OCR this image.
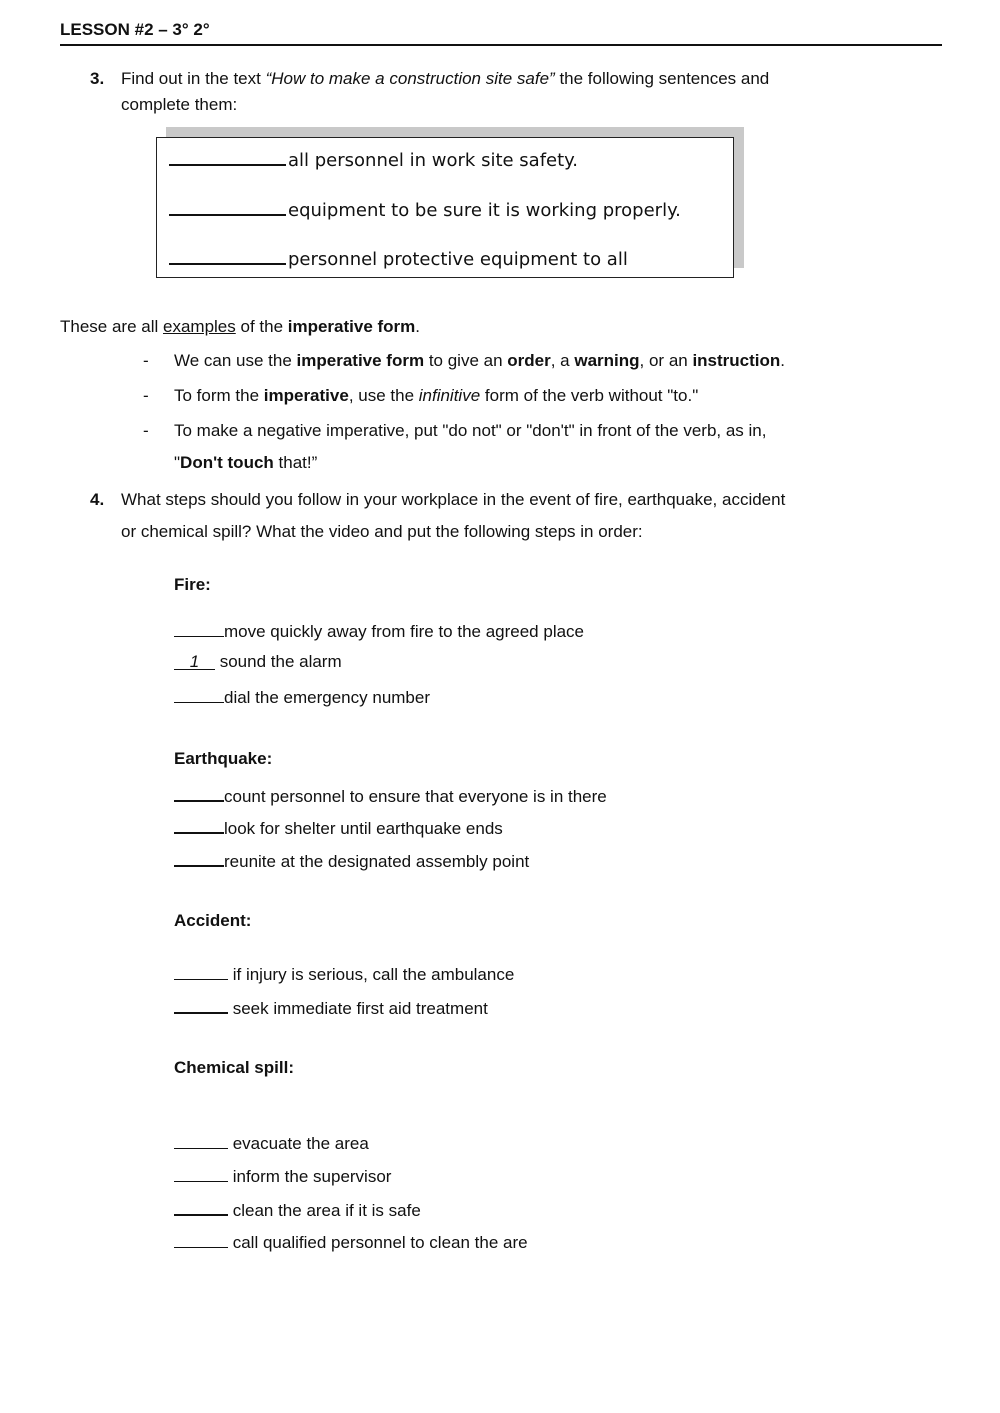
LESSON #2 – 3° 2°
3. Find out in the text “How to make a construction site safe” the following sentences and
complete them:
all personnel in work site safety.
equipment to be sure it is working properly.
personnel protective equipment to all
These are all examples of the imperative form.
- We can use the imperative form to give an order, a warning, or an instruction.
- To form the imperative, use the infinitive form of the verb without "to."
- To make a negative imperative, put "do not" or "don't" in front of the verb, as in,
"Don't touch that!”
4. What steps should you follow in your workplace in the event of fire, earthquake, accident
or chemical spill? What the video and put the following steps in order:
Fire:
move quickly away from fire to the agreed place
1 sound the alarm
dial the emergency number
Earthquake:
count personnel to ensure that everyone is in there
look for shelter until earthquake ends
reunite at the designated assembly point
Accident:
if injury is serious, call the ambulance
seek immediate first aid treatment
Chemical spill:
evacuate the area
inform the supervisor
clean the area if it is safe
call qualified personnel to clean the are
